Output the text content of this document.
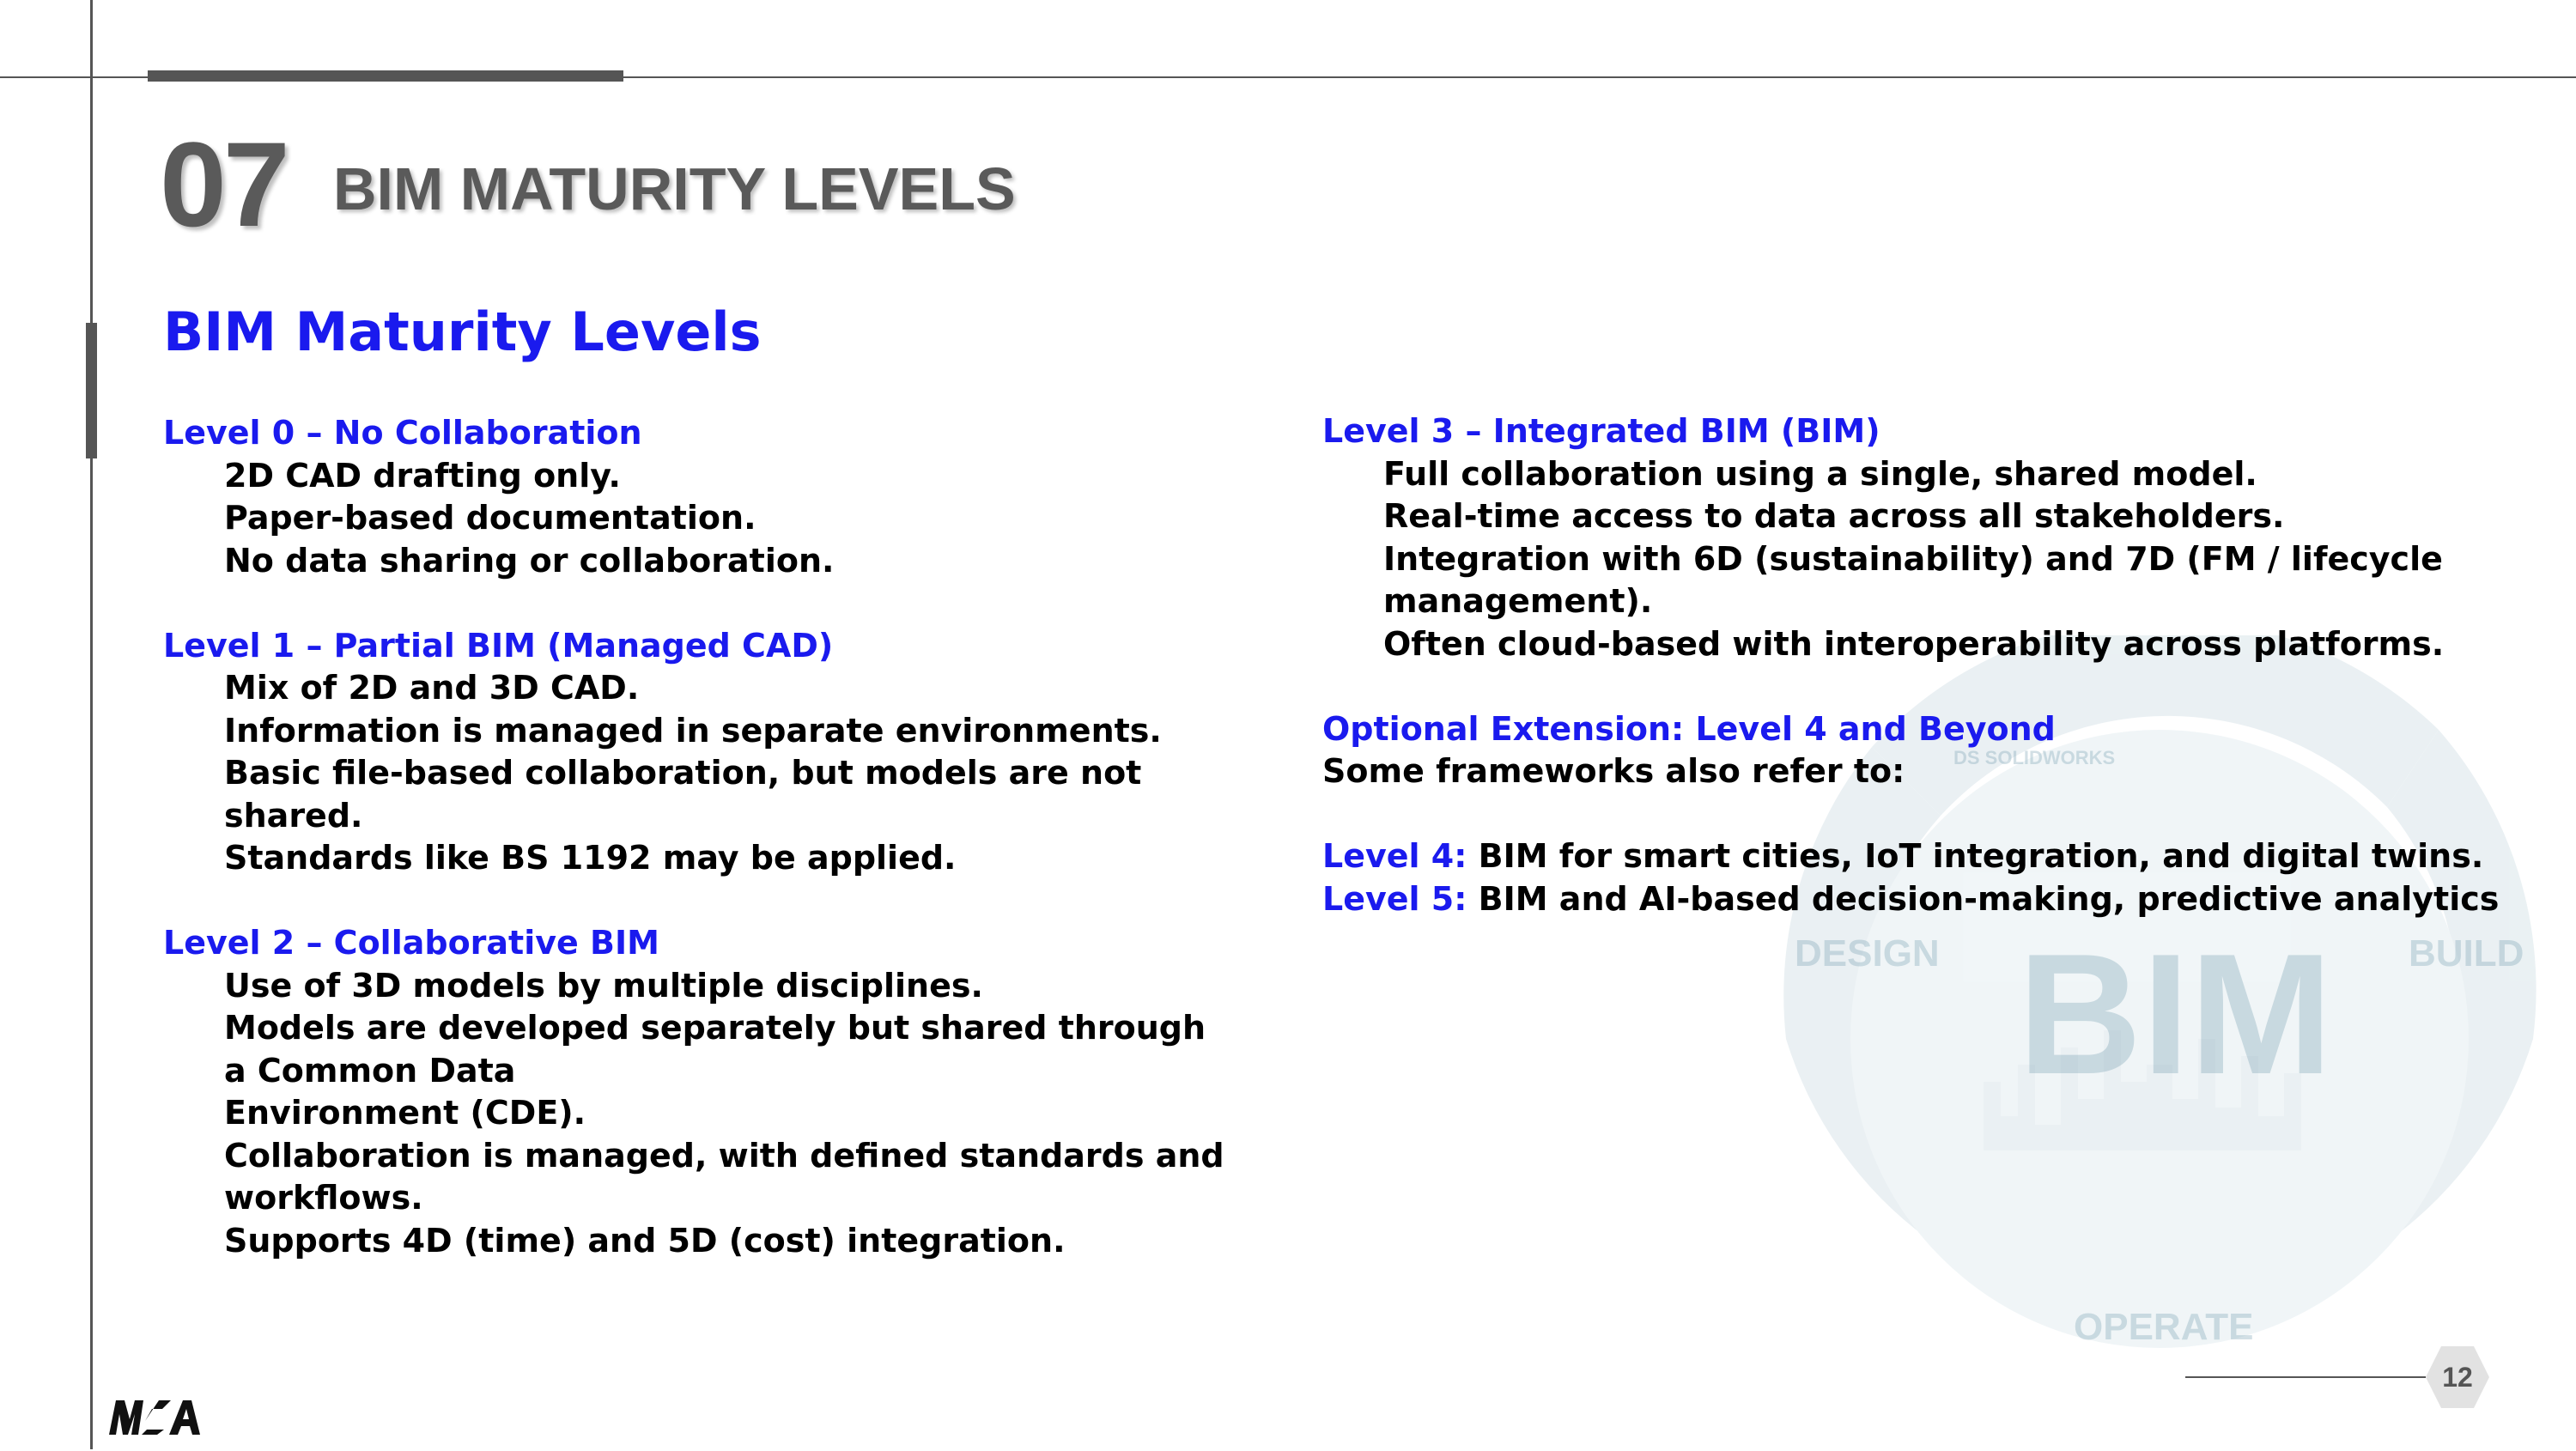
DESIGN	BUILD
OPERATE
BIM
DS SOLIDWORKS
07 BIM MATURITY LEVELS
BIM Maturity Levels
Level 0 – No Collaboration
2D CAD drafting only.
Paper-based documentation.
No data sharing or collaboration.
Level 1 – Partial BIM (Managed CAD)
Mix of 2D and 3D CAD.
Information is managed in separate environments.
Basic file-based collaboration, but models are not shared.
Standards like BS 1192 may be applied.
Level 2 – Collaborative BIM
Use of 3D models by multiple disciplines.
Models are developed separately but shared through
a Common Data
Environment (CDE).
Collaboration is managed, with defined standards and
workflows.
Supports 4D (time) and 5D (cost) integration.
Level 3 – Integrated BIM (BIM)
Full collaboration using a single, shared model.
Real-time access to data across all stakeholders.
Integration with 6D (sustainability) and 7D (FM / lifecycle
management).
Often cloud-based with interoperability across platforms.
Optional Extension: Level 4 and Beyond
Some frameworks also refer to:
Level 4: BIM for smart cities, IoT integration, and digital twins.
Level 5: BIM and AI-based decision-making, predictive analytics
12
